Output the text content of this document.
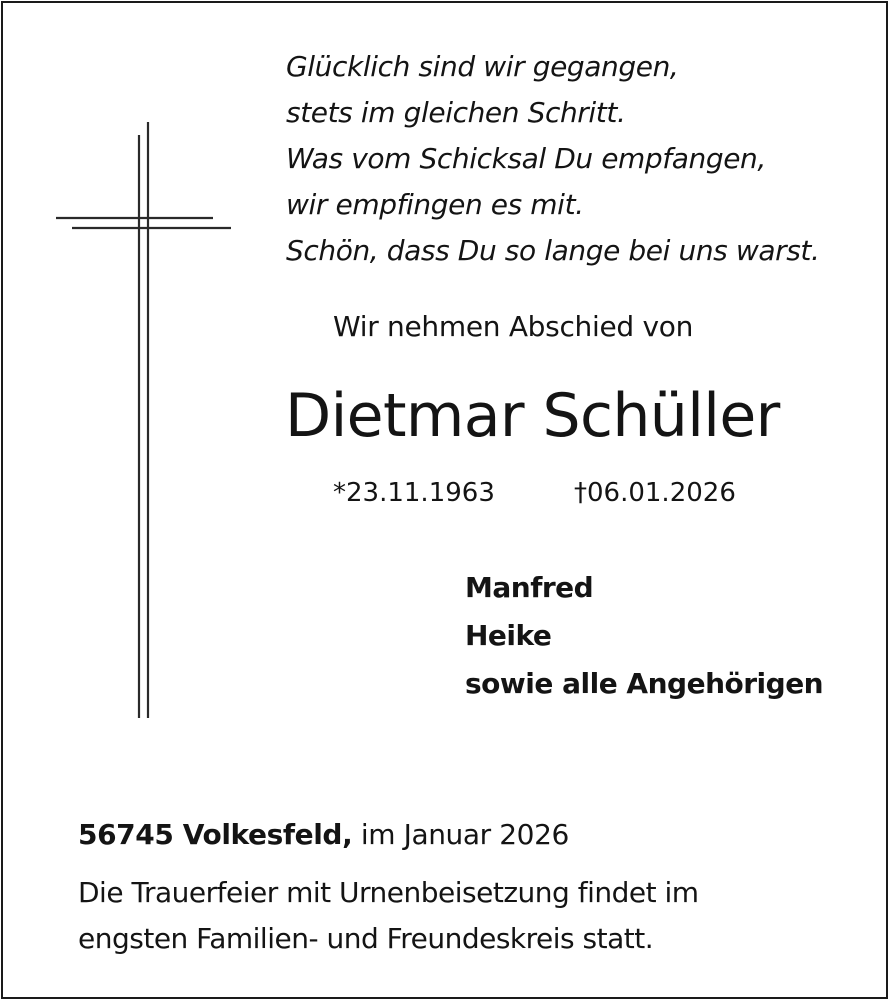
Glücklich sind wir gegangen,
stets im gleichen Schritt.
Was vom Schicksal Du empfangen,
wir empfingen es mit.
Schön, dass Du so lange bei uns warst.
Wir nehmen Abschied von
Dietmar Schüller
*23.11.1963	†06.01.2026
Manfred
Heike
sowie alle Angehörigen
56745 Volkesfeld, im Januar 2026
Die Trauerfeier mit Urnenbeisetzung findet im
engsten Familien- und Freundeskreis statt.
